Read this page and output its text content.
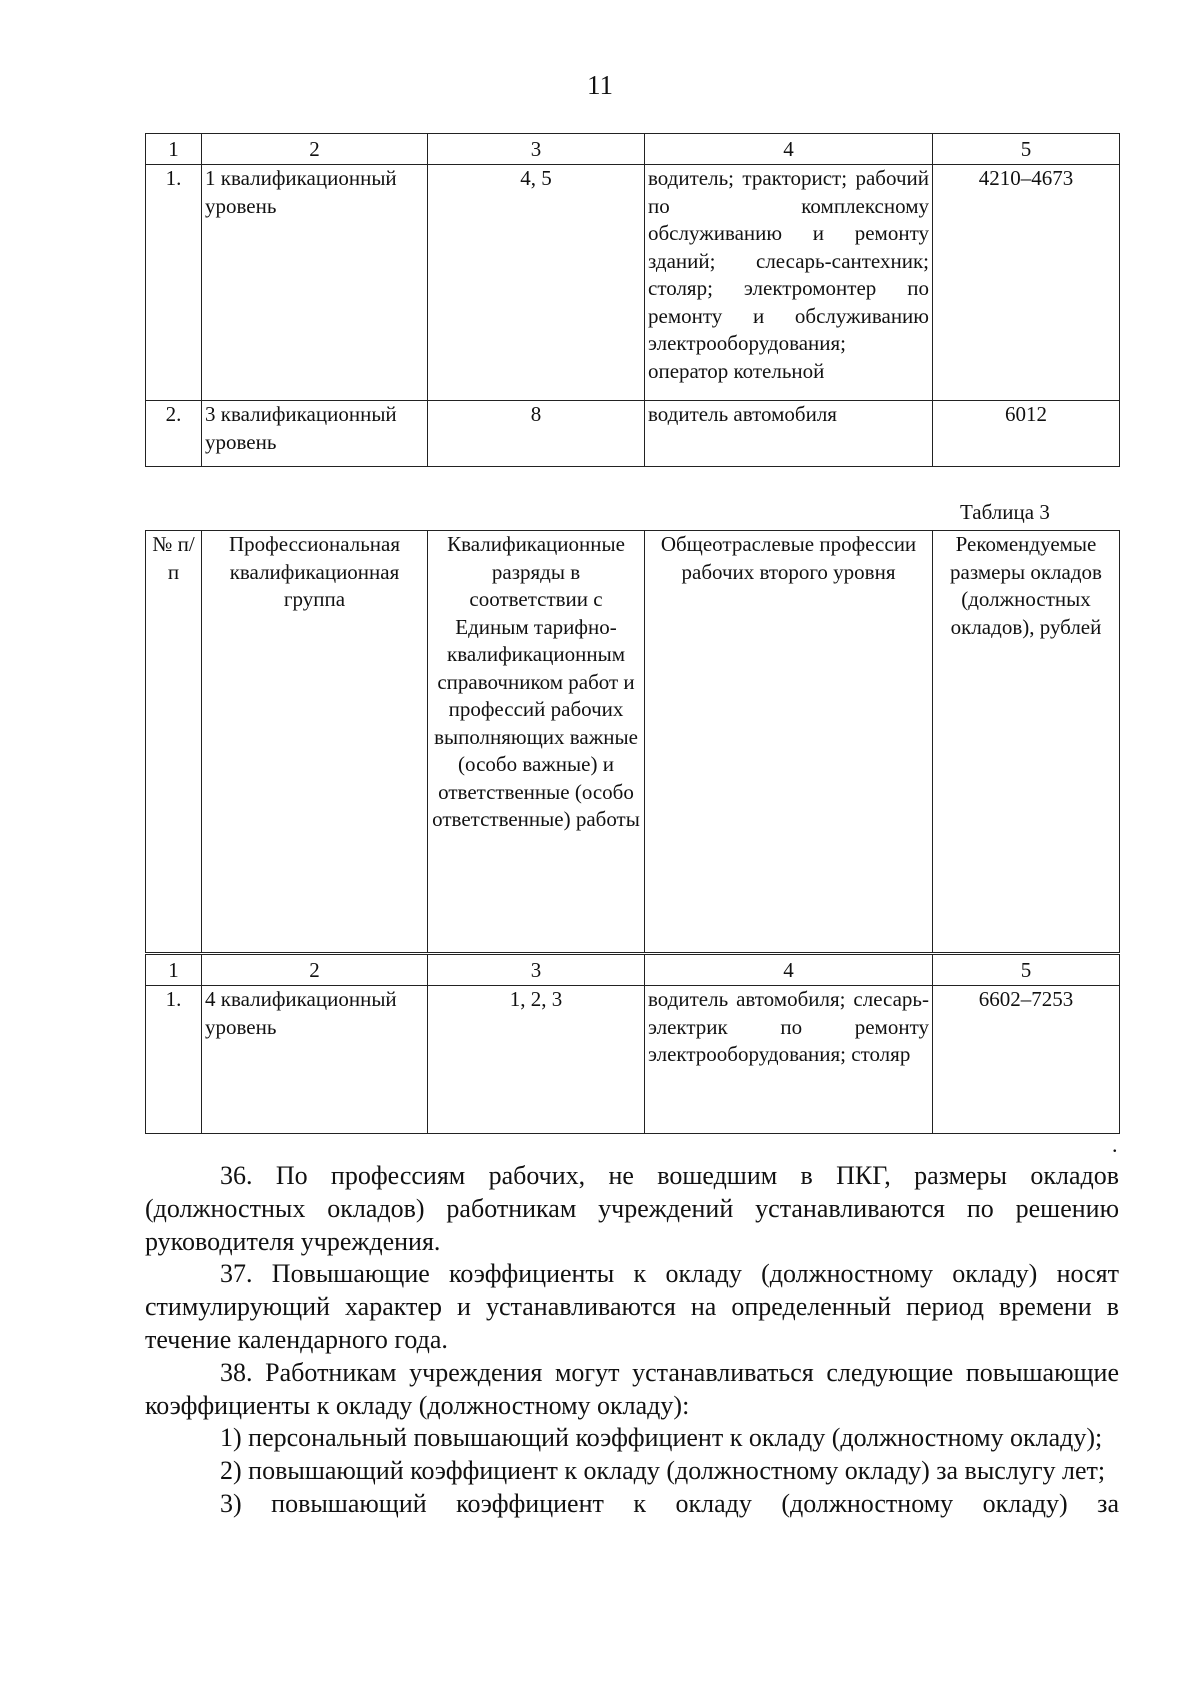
11
1	2	3	4	5
1.	1 квалификационный уровень	4, 5	водитель; тракторист; рабочий по комплексному обслуживанию и ремонту зданий; слесарь-сантехник; столяр; электромонтер по ремонту и обслуживанию электрооборудования; оператор котельной	4210–4673
2.	3 квалификационный уровень	8	водитель автомобиля	6012
Таблица 3
№ п/п	Профессиональная квалификационная группа	Квалификационные разряды в соответствии с Единым тарифно-квалификационным справочником работ и профессий рабочих выполняющих важные (особо важные) и ответственные (особо ответственные) работы	Общеотраслевые профессии рабочих второго уровня	Рекомендуемые размеры окладов (должностных окладов), рублей
1	2	3	4	5
1.	4 квалификационный уровень	1, 2, 3	водитель автомобиля; слесарь-электрик по ремонту электрооборудования; столяр	6602–7253
.

36. По профессиям рабочих, не вошедшим в ПКГ, размеры окладов (должностных окладов) работникам учреждений устанавливаются по решению руководителя учреждения.

37. Повышающие коэффициенты к окладу (должностному окладу) носят стимулирующий характер и устанавливаются на определенный период времени в течение календарного года.

38. Работникам учреждения могут устанавливаться следующие повышающие коэффициенты к окладу (должностному окладу):

1) персональный повышающий коэффициент к окладу (должностному окладу);

2) повышающий коэффициент к окладу (должностному окладу) за выслугу лет;

3) повышающий коэффициент к окладу (должностному окладу) за
